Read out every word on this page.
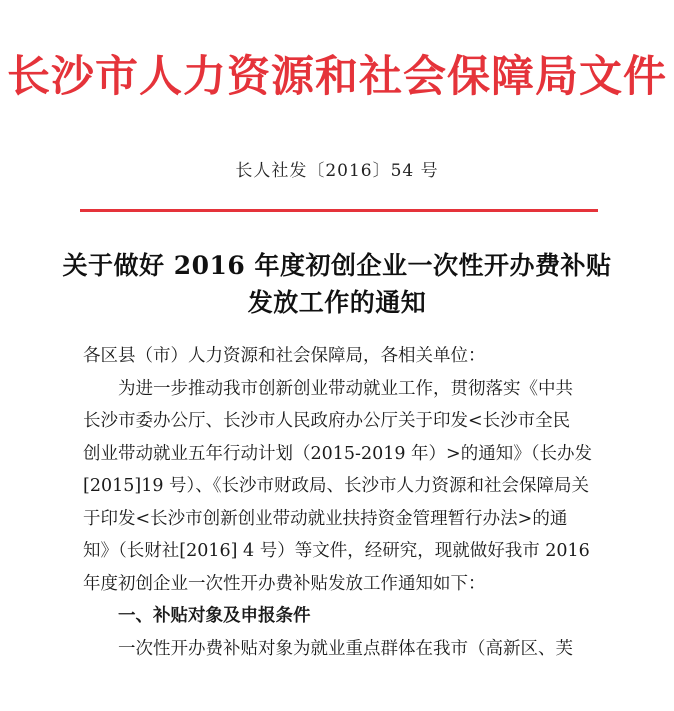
长沙市人力资源和社会保障局文件
长人社发〔2016〕54 号
关于做好 2016 年度初创企业一次性开办费补贴
发放工作的通知

各区县（市）人力资源和社会保障局，各相关单位：

为进一步推动我市创新创业带动就业工作，贯彻落实《中共

长沙市委办公厅、长沙市人民政府办公厅关于印发<长沙市全民

创业带动就业五年行动计划（2015-2019 年）>的通知》（长办发

[2015]19 号）、《长沙市财政局、长沙市人力资源和社会保障局关

于印发<长沙市创新创业带动就业扶持资金管理暂行办法>的通

知》（长财社[2016] 4 号）等文件，经研究，现就做好我市 2016

年度初创企业一次性开办费补贴发放工作通知如下：

一、补贴对象及申报条件

一次性开办费补贴对象为就业重点群体在我市（高新区、芙
